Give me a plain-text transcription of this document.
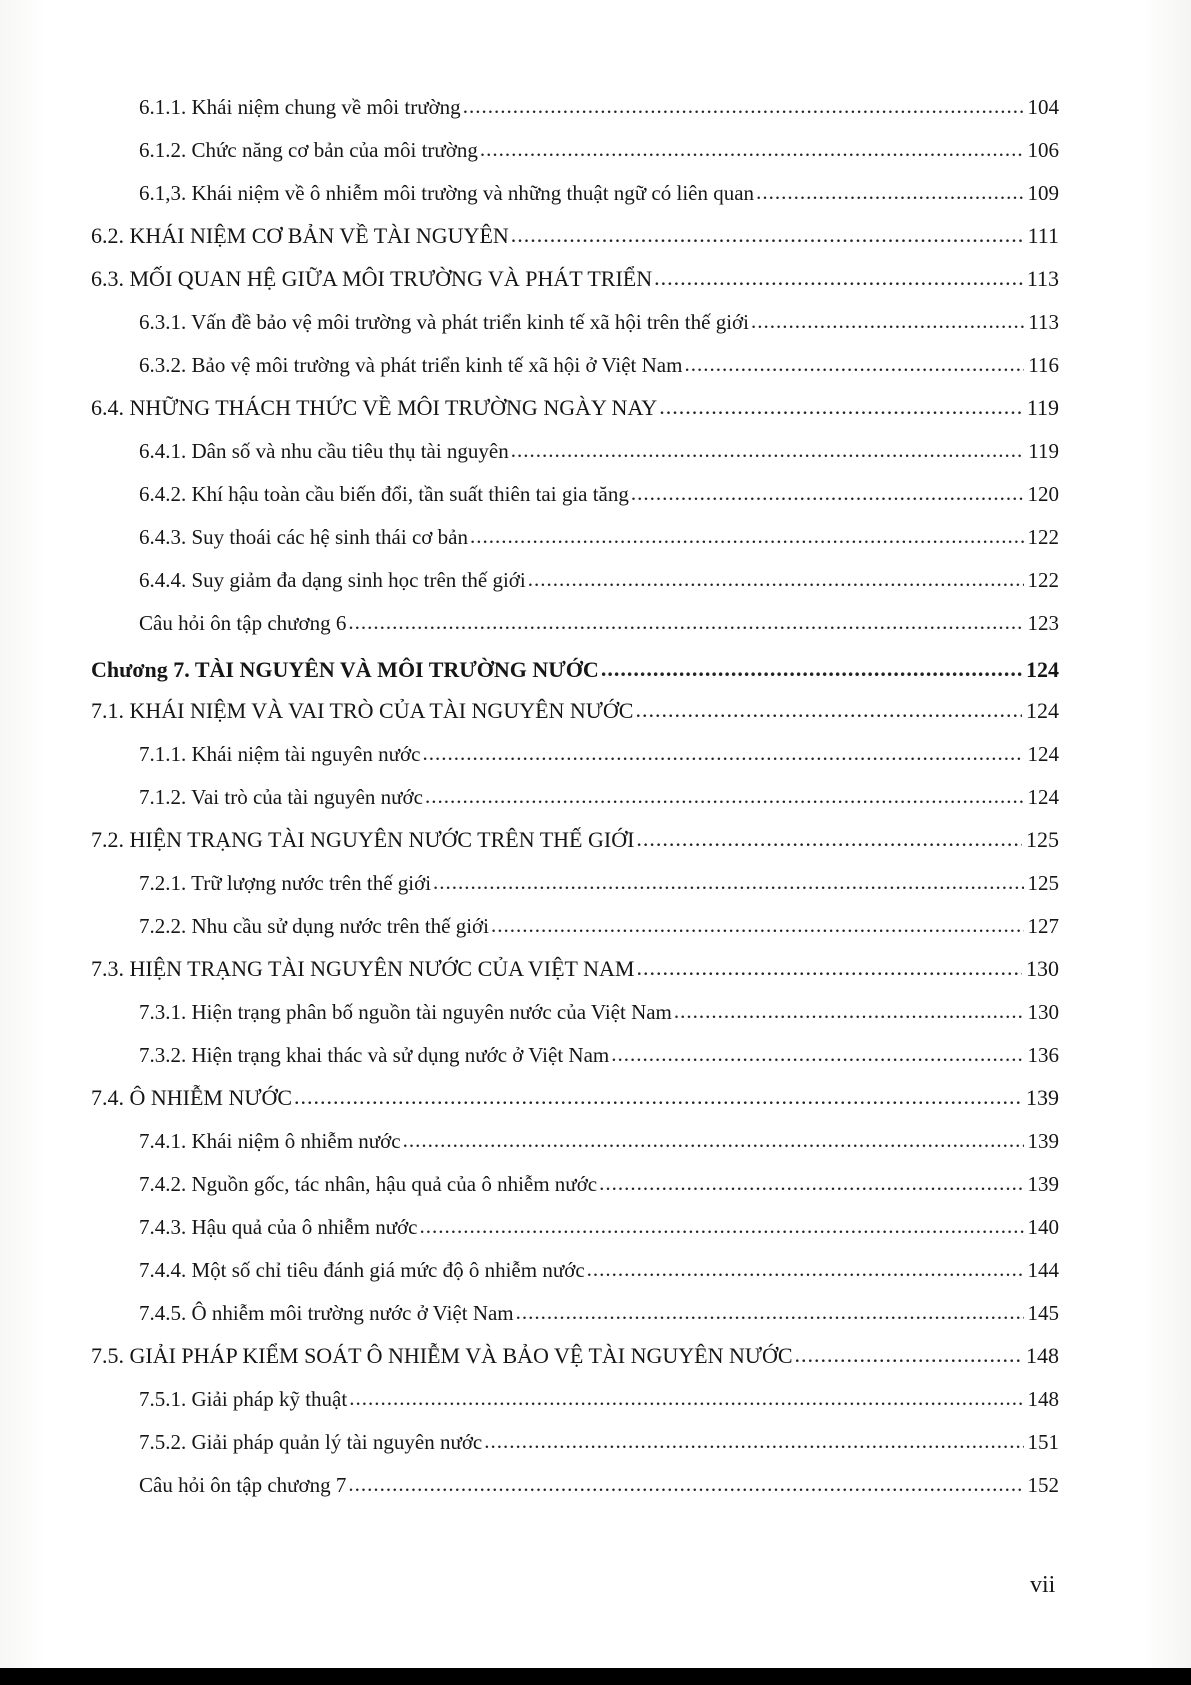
6.1.1. Khái niệm chung về môi trường .....	104
6.1.2. Chức năng cơ bản của môi trường .....	106
6.1,3. Khái niệm về ô nhiễm môi trường và những thuật ngữ có liên quan .....	109
6.2. KHÁI NIỆM CƠ BẢN VỀ TÀI NGUYÊN .....	111
6.3. MỐI QUAN HỆ GIỮA MÔI TRƯỜNG VÀ PHÁT TRIỂN .....	113
6.3.1. Vấn đề bảo vệ môi trường và phát triển kinh tế xã hội trên thế giới .....	113
6.3.2. Bảo vệ môi trường và phát triển kinh tế xã hội ở Việt Nam .....	116
6.4. NHỮNG THÁCH THỨC VỀ MÔI TRƯỜNG NGÀY NAY .....	119
6.4.1. Dân số và nhu cầu tiêu thụ tài nguyên .....	119
6.4.2. Khí hậu toàn cầu biến đổi, tần suất thiên tai gia tăng .....	120
6.4.3. Suy thoái các hệ sinh thái cơ bản .....	122
6.4.4. Suy giảm đa dạng sinh học trên thế giới .....	122
Câu hỏi ôn tập chương 6 .....	123
Chương 7. TÀI NGUYÊN VÀ MÔI TRƯỜNG NƯỚC .....	124
7.1. KHÁI NIỆM VÀ VAI TRÒ CỦA TÀI NGUYÊN NƯỚC .....	124
7.1.1. Khái niệm tài nguyên nước .....	124
7.1.2. Vai trò của tài nguyên nước .....	124
7.2. HIỆN TRẠNG TÀI NGUYÊN NƯỚC TRÊN THẾ GIỚI .....	125
7.2.1. Trữ lượng nước trên thế giới .....	125
7.2.2. Nhu cầu sử dụng nước trên thế giới .....	127
7.3. HIỆN TRẠNG TÀI NGUYÊN NƯỚC CỦA VIỆT NAM .....	130
7.3.1. Hiện trạng phân bố nguồn tài nguyên nước của Việt Nam .....	130
7.3.2. Hiện trạng khai thác và sử dụng nước ở Việt Nam .....	136
7.4. Ô NHIỄM NƯỚC .....	139
7.4.1. Khái niệm ô nhiễm nước .....	139
7.4.2. Nguồn gốc, tác nhân, hậu quả của ô nhiễm nước .....	139
7.4.3. Hậu quả của ô nhiễm nước .....	140
7.4.4. Một số chỉ tiêu đánh giá mức độ ô nhiễm nước .....	144
7.4.5. Ô nhiễm môi trường nước ở Việt Nam .....	145
7.5. GIẢI PHÁP KIỂM SOÁT Ô NHIỄM VÀ BẢO VỆ TÀI NGUYÊN NƯỚC .....	148
7.5.1. Giải pháp kỹ thuật .....	148
7.5.2. Giải pháp quản lý tài nguyên nước .....	151
Câu hỏi ôn tập chương 7 .....	152
vii
